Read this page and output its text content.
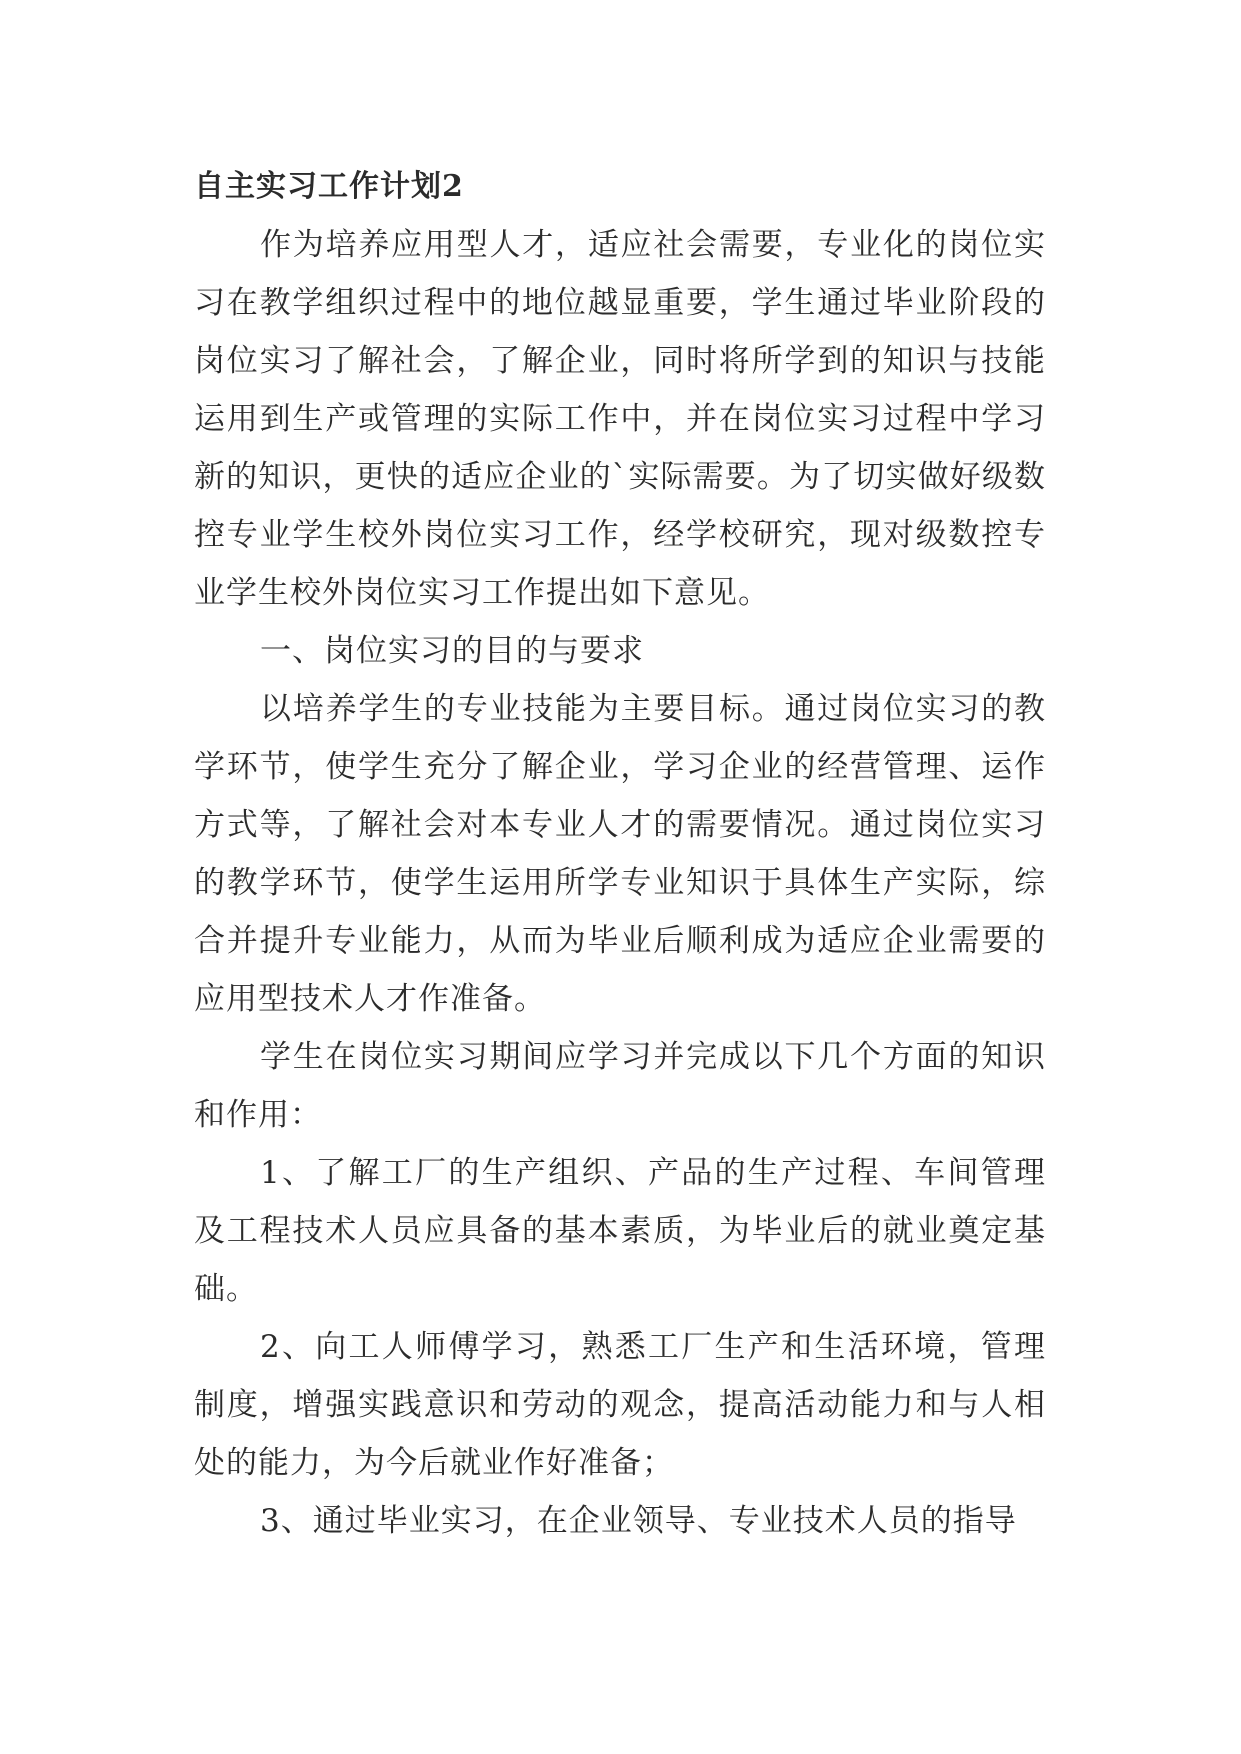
自主实习工作计划2

作为培养应用型人才，适应社会需要，专业化的岗位实习在教学组织过程中的地位越显重要，学生通过毕业阶段的岗位实习了解社会，了解企业，同时将所学到的知识与技能运用到生产或管理的实际工作中，并在岗位实习过程中学习新的知识，更快的适应企业的`实际需要。为了切实做好级数控专业学生校外岗位实习工作，经学校研究，现对级数控专业学生校外岗位实习工作提出如下意见。

一、岗位实习的目的与要求

以培养学生的专业技能为主要目标。通过岗位实习的教学环节，使学生充分了解企业，学习企业的经营管理、运作方式等，了解社会对本专业人才的需要情况。通过岗位实习的教学环节，使学生运用所学专业知识于具体生产实际，综合并提升专业能力，从而为毕业后顺利成为适应企业需要的应用型技术人才作准备。

学生在岗位实习期间应学习并完成以下几个方面的知识和作用：

1、了解工厂的生产组织、产品的生产过程、车间管理及工程技术人员应具备的基本素质，为毕业后的就业奠定基础。

2、向工人师傅学习，熟悉工厂生产和生活环境，管理制度，增强实践意识和劳动的观念，提高活动能力和与人相处的能力，为今后就业作好准备；

3、通过毕业实习，在企业领导、专业技术人员的指导
